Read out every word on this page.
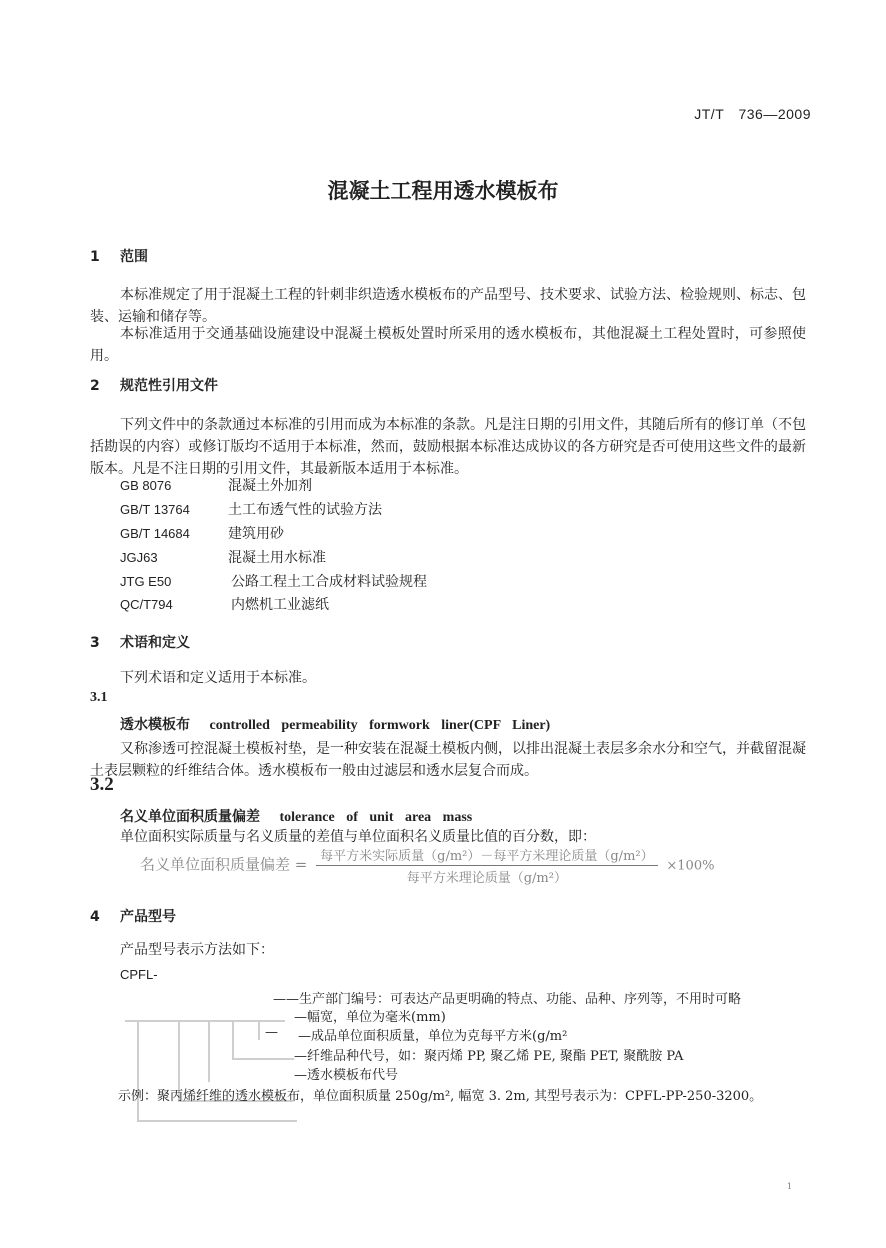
JT/T　736—2009
混凝土工程用透水模板布
1 范围
本标准规定了用于混凝土工程的针刺非织造透水模板布的产品型号、技术要求、试验方法、检验规则、标志、包装、运输和储存等。
本标准适用于交通基础设施建设中混凝土模板处置时所采用的透水模板布，其他混凝土工程处置时，可参照使用。
2 规范性引用文件
下列文件中的条款通过本标准的引用而成为本标准的条款。凡是注日期的引用文件，其随后所有的修订单（不包括勘误的内容）或修订版均不适用于本标准，然而，鼓励根据本标准达成协议的各方研究是否可使用这些文件的最新版本。凡是不注日期的引用文件，其最新版本适用于本标准。
GB 8076	混凝土外加剂
GB/T 13764	土工布透气性的试验方法
GB/T 14684	建筑用砂
JGJ63	混凝土用水标准
JTG E50	公路工程土工合成材料试验规程
QC/T794	内燃机工业滤纸
3 术语和定义
下列术语和定义适用于本标准。
3.1
透水模板布 controlled permeability formwork liner(CPF Liner)
又称渗透可控混凝土模板衬垫，是一种安装在混凝土模板内侧，以排出混凝土表层多余水分和空气，并截留混凝土表层颗粒的纤维结合体。透水模板布一般由过滤层和透水层复合而成。
3.2
名义单位面积质量偏差 tolerance of unit area mass
单位面积实际质量与名义质量的差值与单位面积名义质量比值的百分数，即：
名义单位面积质量偏差 = $\frac{\text{每平方米实际质量（g/m²）－每平方米理论质量（g/m²）}}{\text{每平方米理论质量（g/m²）}} \times 100\%$
4 产品型号
产品型号表示方法如下：
CPFL-
——生产部门编号：可表达产品更明确的特点、功能、品种、序列等，不用时可略
—幅宽，单位为毫米(mm)
— —成品单位面积质量，单位为克每平方米(g/m²
—纤维品种代号，如：聚丙烯 PP, 聚乙烯 PE, 聚酯 PET, 聚酰胺 PA
—透水模板布代号
示例：聚丙烯纤维的透水模板布，单位面积质量 250g/m², 幅宽 3. 2m, 其型号表示为：CPFL-PP-250-3200。
1
